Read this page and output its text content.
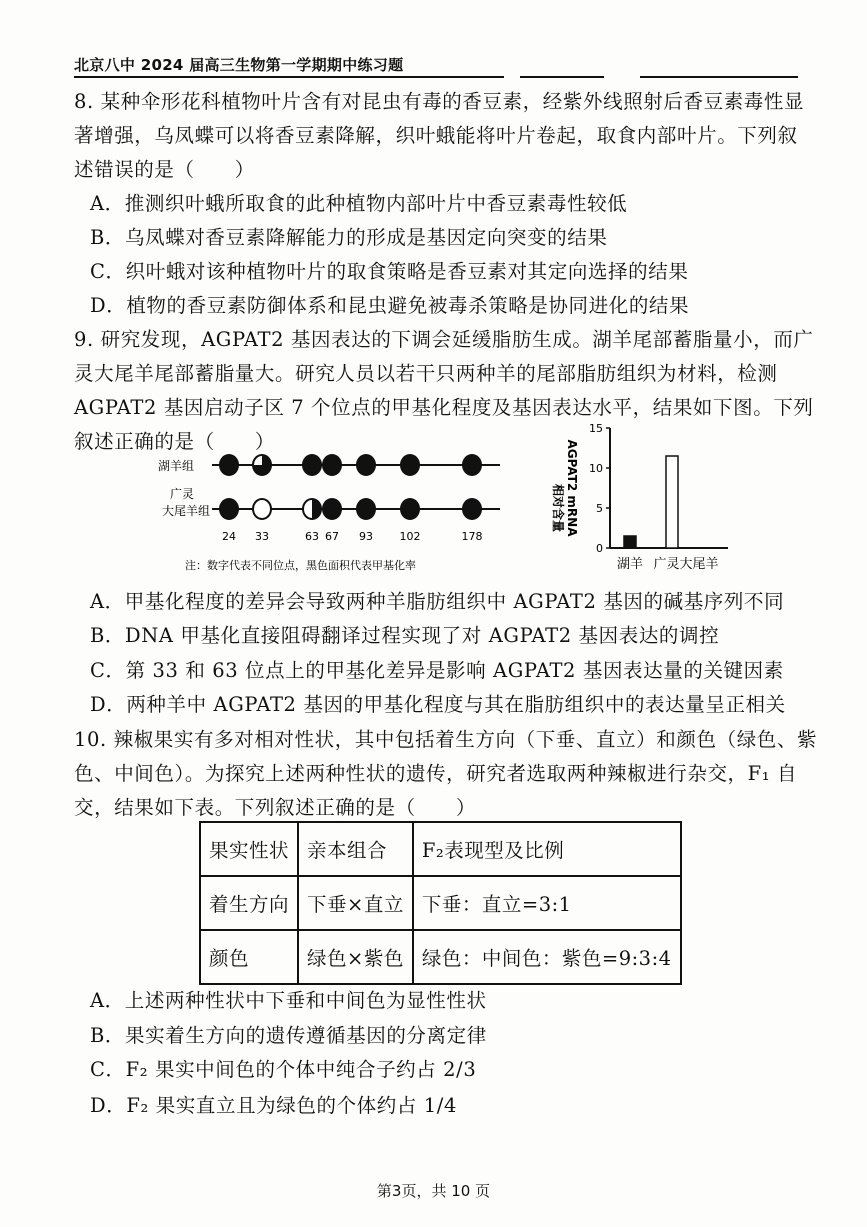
北京八中 2024 届高三生物第一学期期中练习题
8. 某种伞形花科植物叶片含有对昆虫有毒的香豆素，经紫外线照射后香豆素毒性显
著增强，乌凤蝶可以将香豆素降解，织叶蛾能将叶片卷起，取食内部叶片。下列叙
述错误的是（　　）
A．推测织叶蛾所取食的此种植物内部叶片中香豆素毒性较低
B．乌凤蝶对香豆素降解能力的形成是基因定向突变的结果
C．织叶蛾对该种植物叶片的取食策略是香豆素对其定向选择的结果
D．植物的香豆素防御体系和昆虫避免被毒杀策略是协同进化的结果
9. 研究发现，AGPAT2 基因表达的下调会延缓脂肪生成。湖羊尾部蓄脂量小，而广
灵大尾羊尾部蓄脂量大。研究人员以若干只两种羊的尾部脂肪组织为材料，检测
AGPAT2 基因启动子区 7 个位点的甲基化程度及基因表达水平，结果如下图。下列
叙述正确的是（　　）
湖羊组
广灵
大尾羊组
24 33	63 67 93 102	178
注：数字代表不同位点，黑色面积代表甲基化率
0
5
10
15
湖羊 广灵大尾羊
AGPAT2 mRNA
相对含量
A．甲基化程度的差异会导致两种羊脂肪组织中 AGPAT2 基因的碱基序列不同
B．DNA 甲基化直接阻碍翻译过程实现了对 AGPAT2 基因表达的调控
C．第 33 和 63 位点上的甲基化差异是影响 AGPAT2 基因表达量的关键因素
D．两种羊中 AGPAT2 基因的甲基化程度与其在脂肪组织中的表达量呈正相关
10. 辣椒果实有多对相对性状，其中包括着生方向（下垂、直立）和颜色（绿色、紫
色、中间色）。为探究上述两种性状的遗传，研究者选取两种辣椒进行杂交，F₁ 自
交，结果如下表。下列叙述正确的是（　　）
果实性状	亲本组合	F₂表现型及比例
着生方向	下垂×直立	下垂：直立=3:1
颜色	绿色×紫色	绿色：中间色：紫色=9:3:4
A．上述两种性状中下垂和中间色为显性性状
B．果实着生方向的遗传遵循基因的分离定律
C．F₂ 果实中间色的个体中纯合子约占 2/3
D．F₂ 果实直立且为绿色的个体约占 1/4
第3页，共 10 页
